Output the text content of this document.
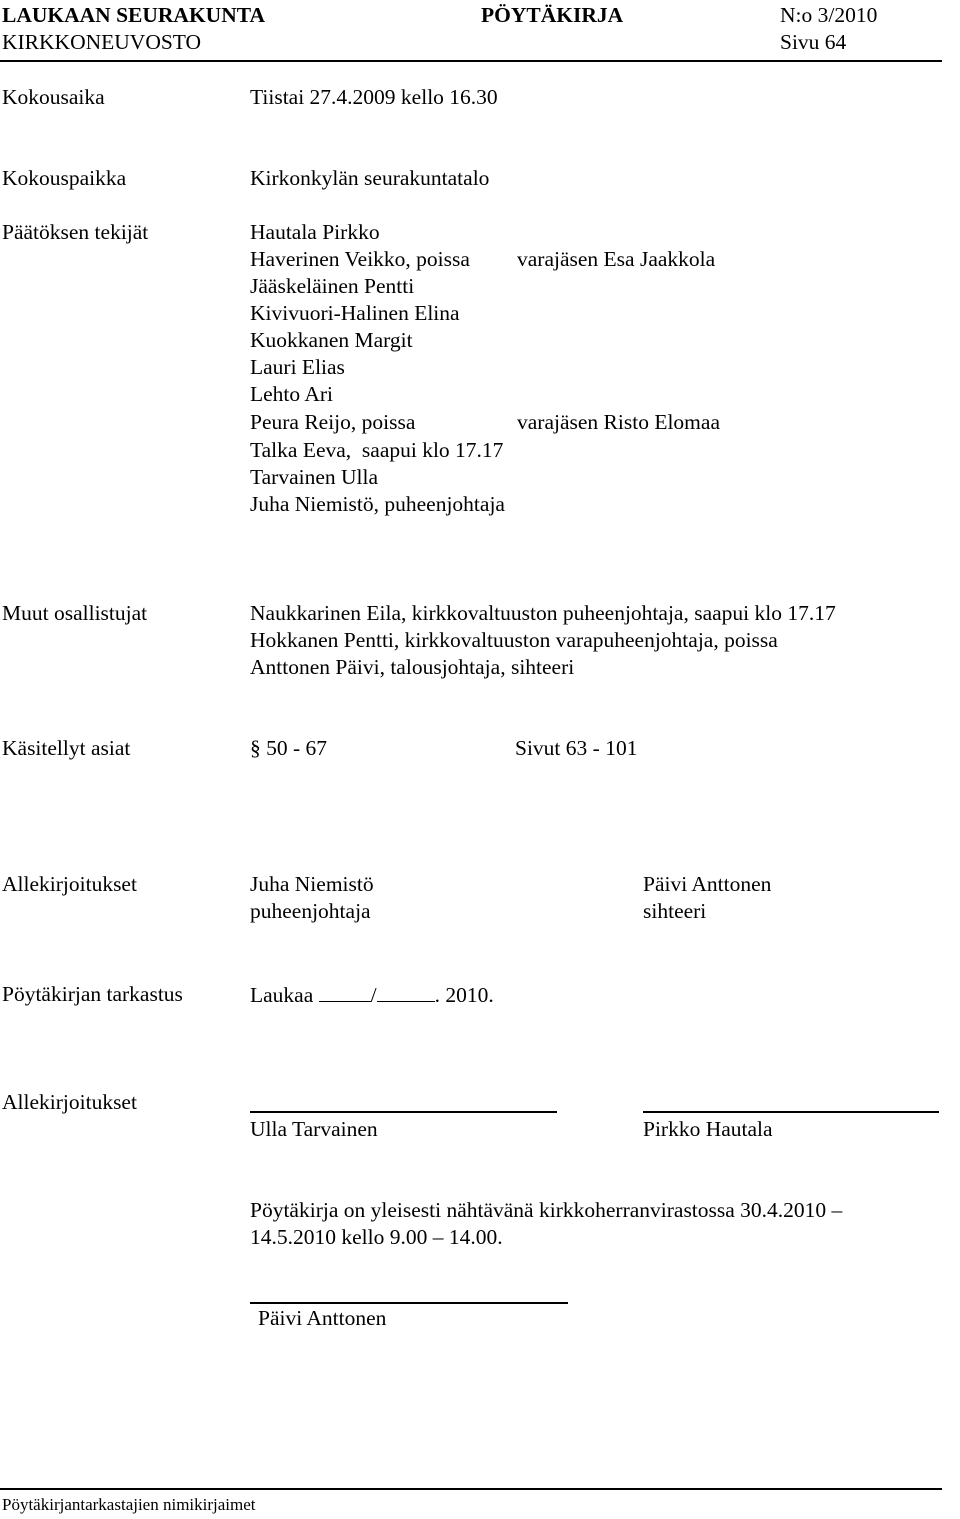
LAUKAAN SEURAKUNTA	PÖYTÄKIRJA	N:o 3/2010
KIRKKONEUVOSTO	Sivu 64
Kokousaika	Tiistai 27.4.2009 kello 16.30
Kokouspaikka	Kirkonkylän seurakuntatalo
Päätöksen tekijät	Hautala Pirkko
Haverinen Veikko, poissa varajäsen Esa Jaakkola
Jääskeläinen Pentti
Kivivuori-Halinen Elina
Kuokkanen Margit
Lauri Elias
Lehto Ari
Peura Reijo, poissa	varajäsen Risto Elomaa
Talka Eeva,  saapui klo 17.17
Tarvainen Ulla
Juha Niemistö, puheenjohtaja
Muut osallistujat	Naukkarinen Eila, kirkkovaltuuston puheenjohtaja, saapui klo 17.17
Hokkanen Pentti, kirkkovaltuuston varapuheenjohtaja, poissa
Anttonen Päivi, talousjohtaja, sihteeri
Käsitellyt asiat	§ 50 - 67	Sivut 63 - 101
Allekirjoitukset	Juha Niemistö	Päivi Anttonen
puheenjohtaja	sihteeri
Pöytäkirjan tarkastus	Laukaa	/	. 2010.
Allekirjoitukset
Ulla Tarvainen	Pirkko Hautala
Pöytäkirja on yleisesti nähtävänä kirkkoherranvirastossa 30.4.2010 –
14.5.2010 kello 9.00 – 14.00.
Päivi Anttonen
Pöytäkirjantarkastajien nimikirjaimet
